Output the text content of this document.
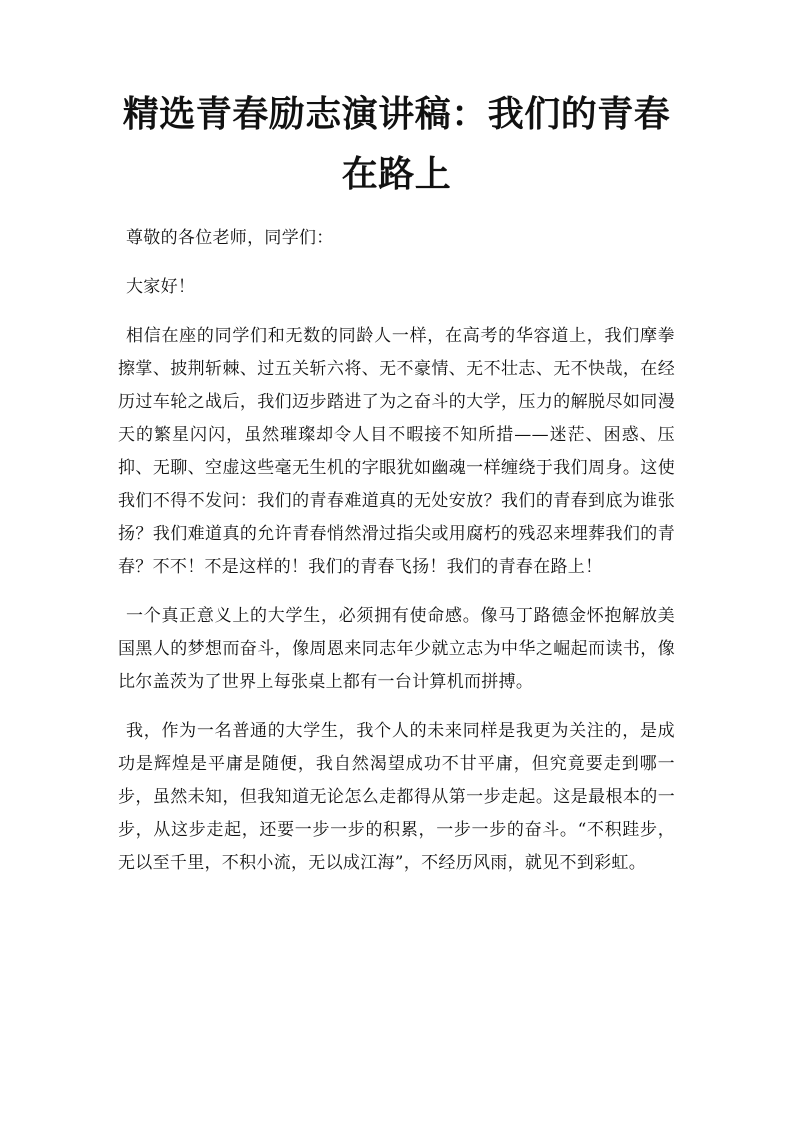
精选青春励志演讲稿：我们的青春在路上

尊敬的各位老师，同学们：

大家好！

相信在座的同学们和无数的同龄人一样，在高考的华容道上，我们摩拳擦掌、披荆斩棘、过五关斩六将、无不豪情、无不壮志、无不快哉，在经历过车轮之战后，我们迈步踏进了为之奋斗的大学，压力的解脱尽如同漫天的繁星闪闪，虽然璀璨却令人目不暇接不知所措——迷茫、困惑、压抑、无聊、空虚这些毫无生机的字眼犹如幽魂一样缠绕于我们周身。这使我们不得不发问：我们的青春难道真的无处安放？我们的青春到底为谁张扬？我们难道真的允许青春悄然滑过指尖或用腐朽的残忍来埋葬我们的青春？不不！不是这样的！我们的青春飞扬！我们的青春在路上！

一个真正意义上的大学生，必须拥有使命感。像马丁路德金怀抱解放美国黑人的梦想而奋斗，像周恩来同志年少就立志为中华之崛起而读书，像比尔盖茨为了世界上每张桌上都有一台计算机而拼搏。

我，作为一名普通的大学生，我个人的未来同样是我更为关注的，是成功是辉煌是平庸是随便，我自然渴望成功不甘平庸，但究竟要走到哪一步，虽然未知，但我知道无论怎么走都得从第一步走起。这是最根本的一步，从这步走起，还要一步一步的积累，一步一步的奋斗。“不积跬步，无以至千里，不积小流，无以成江海”，不经历风雨，就见不到彩虹。
